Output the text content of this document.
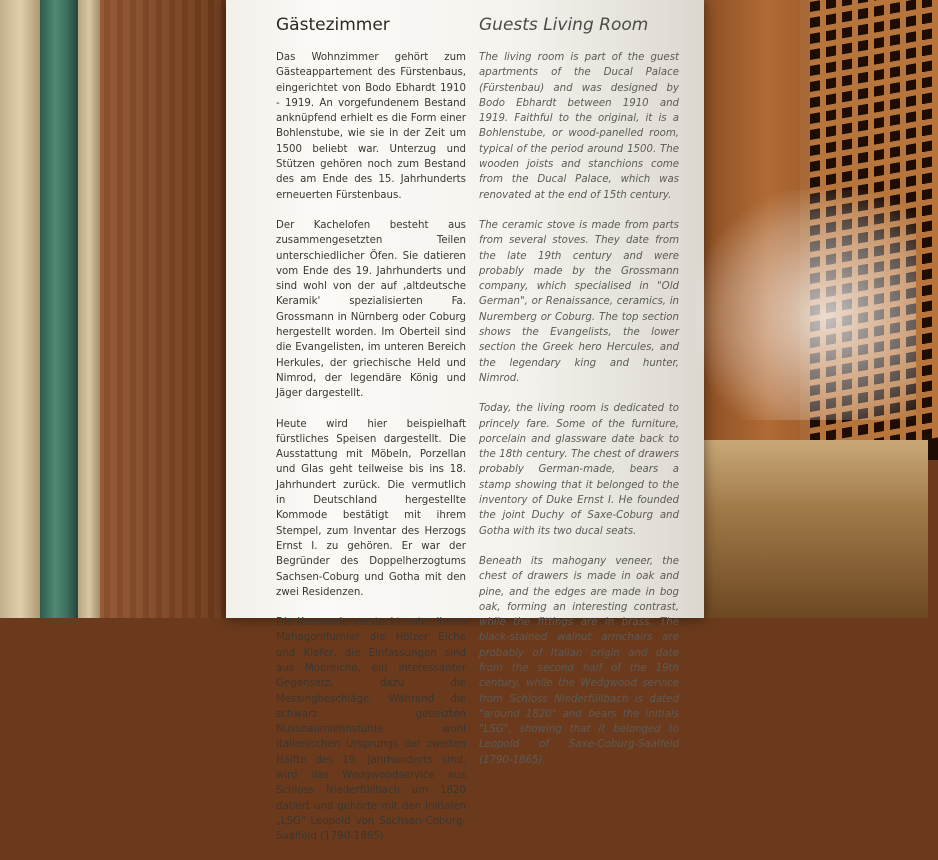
Gästezimmer

Das Wohnzimmer gehört zum Gästeappartement des Fürstenbaus, eingerichtet von Bodo Ebhardt 1910 - 1919. An vorgefundenem Bestand anknüpfend erhielt es die Form einer Bohlenstube, wie sie in der Zeit um 1500 beliebt war. Unterzug und Stützen gehören noch zum Bestand des am Ende des 15. Jahrhunderts erneuerten Fürstenbaus.

Der Kachelofen besteht aus zusammengesetzten Teilen unterschiedlicher Öfen. Sie datieren vom Ende des 19. Jahrhunderts und sind wohl von der auf ‚altdeutsche Keramik' spezialisierten Fa. Grossmann in Nürnberg oder Coburg hergestellt worden. Im Oberteil sind die Evangelisten, im unteren Bereich Herkules, der griechische Held und Nimrod, der legendäre König und Jäger dargestellt.

Heute wird hier beispielhaft fürstliches Speisen dargestellt. Die Ausstattung mit Möbeln, Porzellan und Glas geht teilweise bis ins 18. Jahrhundert zurück. Die vermutlich in Deutschland hergestellte Kommode bestätigt mit ihrem Stempel, zum Inventar des Herzogs Ernst I. zu gehören. Er war der Begründer des Doppelherzogtums Sachsen-Coburg und Gotha mit den zwei Residenzen.

Die Kommode versteckt unter ihrem Mahagonifurnier die Hölzer Eiche und Kiefer, die Einfassungen sind aus Mooreiche, ein interessanter Gegensatz, dazu die Messingbeschläge. Während die schwarz gebeizten Nussbaumlehnstühle wohl italienischen Ursprungs der zweiten Hälfte des 19. Jahrhunderts sind, wird das Wedgwoodservice aus Schloss Niederfüllbach um 1820 datiert und gehörte mit den Initialen „LSG" Leopold von Sachsen-Coburg-Saalfeld (1790-1865).

Guests Living Room

The living room is part of the guest apartments of the Ducal Palace (Fürstenbau) and was designed by Bodo Ebhardt between 1910 and 1919. Faithful to the original, it is a Bohlenstube, or wood-panelled room, typical of the period around 1500. The wooden joists and stanchions come from the Ducal Palace, which was renovated at the end of 15th century.

The ceramic stove is made from parts from several stoves. They date from the late 19th century and were probably made by the Grossmann company, which specialised in "Old German", or Renaissance, ceramics, in Nuremberg or Coburg. The top section shows the Evangelists, the lower section the Greek hero Hercules, and the legendary king and hunter, Nimrod.

Today, the living room is dedicated to princely fare. Some of the furniture, porcelain and glassware date back to the 18th century. The chest of drawers probably German-made, bears a stamp showing that it belonged to the inventory of Duke Ernst I. He founded the joint Duchy of Saxe-Coburg and Gotha with its two ducal seats.

Beneath its mahogany veneer, the chest of drawers is made in oak and pine, and the edges are made in bog oak, forming an interesting contrast, while the fittings are in brass. The black-stained walnut armchairs are probably of Italian origin and date from the second half of the 19th century, while the Wedgwood service from Schloss Niederfüllbach is dated "around 1820" and bears the initials "LSG", showing that it belonged to Leopold of Saxe-Coburg-Saalfeld (1790-1865).
